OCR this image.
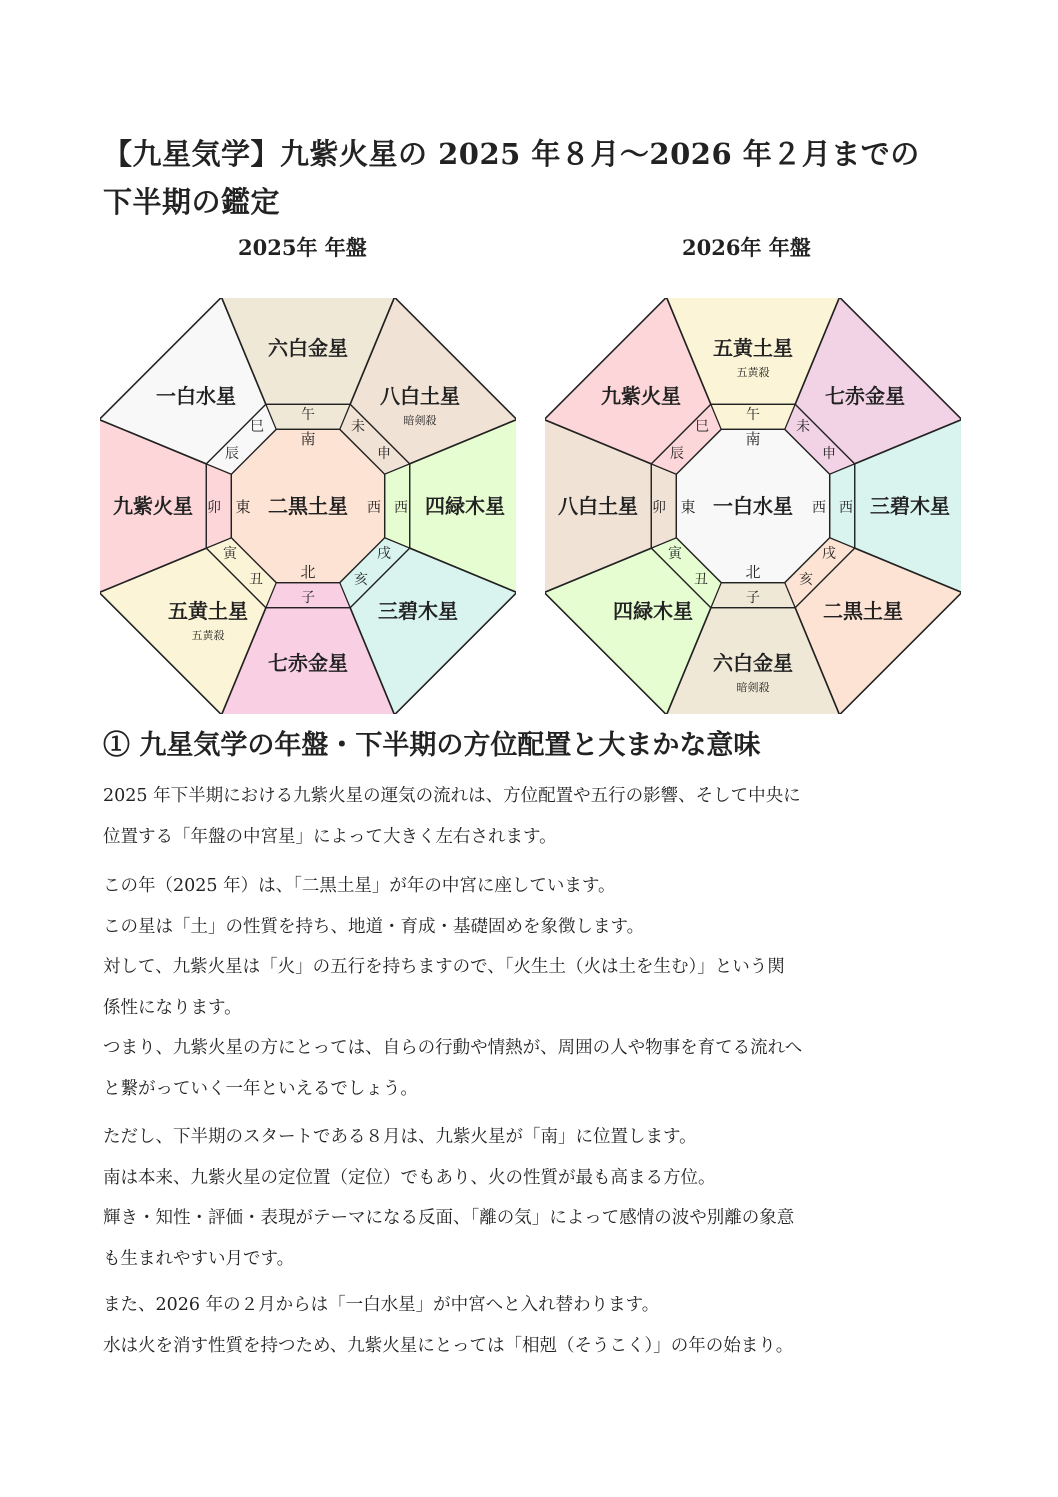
【九星気学】九紫火星の 2025 年８月〜2026 年２月までの
下半期の鑑定
2025年 年盤	2026年 年盤
八白土星
暗剣殺
四緑木星
三碧木星
七赤金星
五黄土星
五黄殺
九紫火星
一白水星
六白金星
二黒土星
南
北
東	西
午
子
卯	西
未
申
戌
亥
丑
寅
辰
巳
七赤金星
三碧木星
二黒土星
六白金星
暗剣殺
四緑木星
八白土星
九紫火星
五黄土星
五黄殺
一白水星
南
北
東	西
午
子
卯	西
未
申
戌
亥
丑
寅
辰
巳
① 九星気学の年盤・下半期の方位配置と大まかな意味
2025 年下半期における九紫火星の運気の流れは、方位配置や五行の影響、そして中央に
位置する「年盤の中宮星」によって大きく左右されます。
この年（2025 年）は、「二黒土星」が年の中宮に座しています。
この星は「土」の性質を持ち、地道・育成・基礎固めを象徴します。
対して、九紫火星は「火」の五行を持ちますので、「火生土（火は土を生む）」という関
係性になります。
つまり、九紫火星の方にとっては、自らの行動や情熱が、周囲の人や物事を育てる流れへ
と繋がっていく一年といえるでしょう。
ただし、下半期のスタートである８月は、九紫火星が「南」に位置します。
南は本来、九紫火星の定位置（定位）でもあり、火の性質が最も高まる方位。
輝き・知性・評価・表現がテーマになる反面、「離の気」によって感情の波や別離の象意
も生まれやすい月です。
また、2026 年の２月からは「一白水星」が中宮へと入れ替わります。
水は火を消す性質を持つため、九紫火星にとっては「相剋（そうこく）」の年の始まり。
